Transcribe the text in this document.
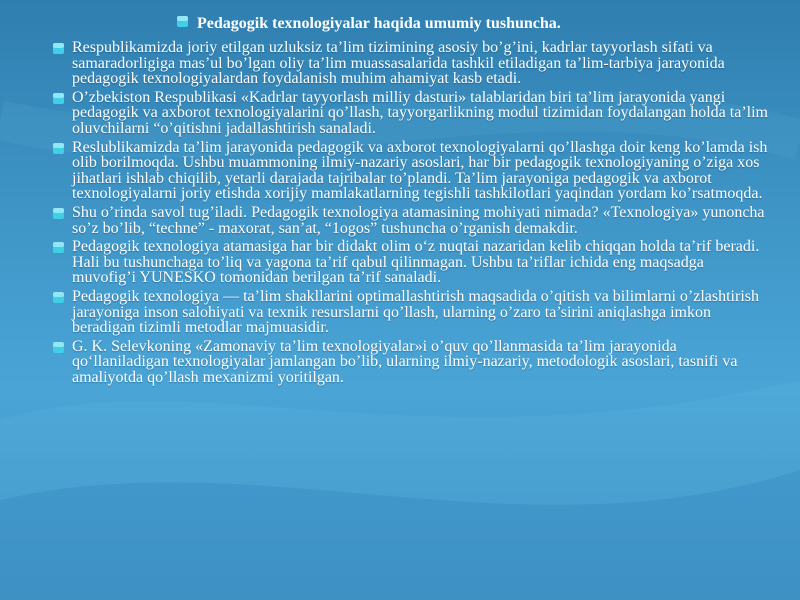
Pedagogik texnologiyalar haqida umumiy tushuncha.
Respublikamizda joriy etilgan uzluksiz ta’lim tizimining asosiy bo’g’ini, kadrlar tayyorlash sifati va samaradorligiga mas’ul bo’lgan oliy ta’lim muassasalarida tashkil etiladigan ta’lim-tarbiya jarayonida pedagogik texnologiyalardan foydalanish muhim ahamiyat kasb etadi.
O’zbekiston Respublikasi «Kadrlar tayyorlash milliy dasturi» talablaridan biri ta’lim jarayonida yangi pedagogik va axborot texnologiyalarini qo’llash, tayyorgarlikning modul tizimidan foydalangan holda ta’lim oluvchilarni “o’qitishni jadallashtirish sanaladi.
Reslublikamizda ta’lim jarayonida pedagogik va axborot texnologiyalarni qo’llashga doir keng ko’lamda ish olib borilmoqda. Ushbu muammoning ilmiy-nazariy asoslari, har bir pedagogik texnologiyaning o’ziga xos jihatlari ishlab chiqilib, yetarli darajada tajribalar to’plandi. Ta’lim jarayoniga pedagogik va axborot texnologiyalarni joriy etishda xorijiy mamlakatlarning tegishli tashkilotlari yaqindan yordam ko’rsatmoqda.
Shu o’rinda savol tug’iladi. Pedagogik texnologiya atamasining mohiyati nimada? «Texnologiya» yunoncha so’z bo’lib, “techne” - maxorat, san’at, “1ogos” tushuncha o’rganish demakdir.
Pedagogik texnologiya atamasiga har bir didakt olim o‘z nuqtai nazaridan kelib chiqqan holda ta’rif beradi. Hali bu tushunchaga to’liq va yagona ta’rif qabul qilinmagan. Ushbu ta’riflar ichida eng maqsadga muvofig’i YUNESKO tomonidan berilgan ta’rif sanaladi.
Pedagogik texnologiya — ta’lim shakllarini optimallashtirish maqsadida o’qitish va bilimlarni o’zlashtirish jarayoniga inson salohiyati va texnik resurslarni qo’llash, ularning o’zaro ta’sirini aniqlashga imkon beradigan tizimli metodlar majmuasidir.
G. K. Selevkoning «Zamonaviy ta’lim texnologiyalar»i o’quv qo’llanmasida ta’lim jarayonida qo‘llaniladigan texnologiyalar jamlangan bo’lib, ularning ilmiy-nazariy, metodologik asoslari, tasnifi va amaliyotda qo’llash mexanizmi yoritilgan.
